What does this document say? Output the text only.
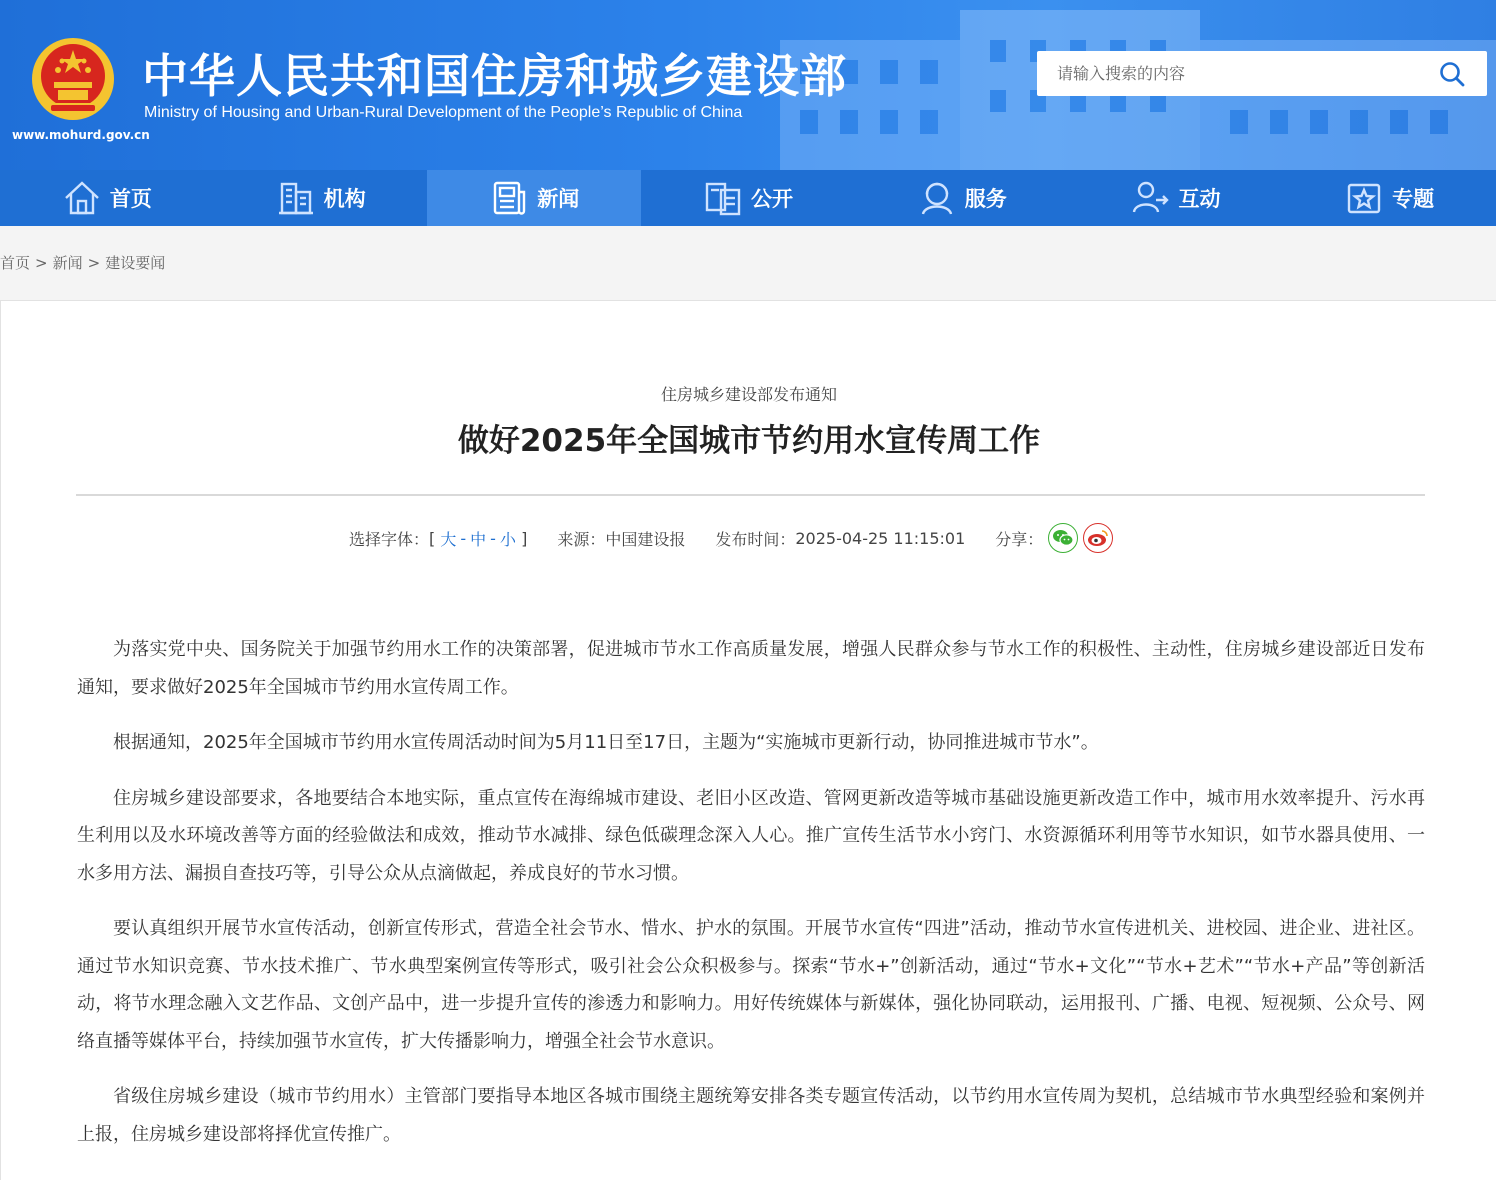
www.mohurd.gov.cn
中华人民共和国住房和城乡建设部
Ministry of Housing and Urban-Rural Development of the People’s Republic of China
请输入搜索的内容
首页	机构	新闻	公开	服务	互动	专题
首页 > 新闻 > 建设要闻
住房城乡建设部发布通知
做好2025年全国城市节约用水宣传周工作
选择字体： [
大 - 中 - 小
] 来源： 中国建设报 发布时间： 2025-04-25 11:15:01 分享：

为落实党中央、国务院关于加强节约用水工作的决策部署，促进城市节水工作高质量发展，增强人民群众参与节水工作的积极性、主动性，住房城乡建设部近日发布通知，要求做好2025年全国城市节约用水宣传周工作。

根据通知，2025年全国城市节约用水宣传周活动时间为5月11日至17日，主题为“实施城市更新行动，协同推进城市节水”。

住房城乡建设部要求，各地要结合本地实际，重点宣传在海绵城市建设、老旧小区改造、管网更新改造等城市基础设施更新改造工作中，城市用水效率提升、污水再生利用以及水环境改善等方面的经验做法和成效，推动节水减排、绿色低碳理念深入人心。推广宣传生活节水小窍门、水资源循环利用等节水知识，如节水器具使用、一水多用方法、漏损自查技巧等，引导公众从点滴做起，养成良好的节水习惯。

要认真组织开展节水宣传活动，创新宣传形式，营造全社会节水、惜水、护水的氛围。开展节水宣传“四进”活动，推动节水宣传进机关、进校园、进企业、进社区。通过节水知识竞赛、节水技术推广、节水典型案例宣传等形式，吸引社会公众积极参与。探索“节水+”创新活动，通过“节水+文化”“节水+艺术”“节水+产品”等创新活动，将节水理念融入文艺作品、文创产品中，进一步提升宣传的渗透力和影响力。用好传统媒体与新媒体，强化协同联动，运用报刊、广播、电视、短视频、公众号、网络直播等媒体平台，持续加强节水宣传，扩大传播影响力，增强全社会节水意识。

省级住房城乡建设（城市节约用水）主管部门要指导本地区各城市围绕主题统筹安排各类专题宣传活动，以节约用水宣传周为契机，总结城市节水典型经验和案例并上报，住房城乡建设部将择优宣传推广。
